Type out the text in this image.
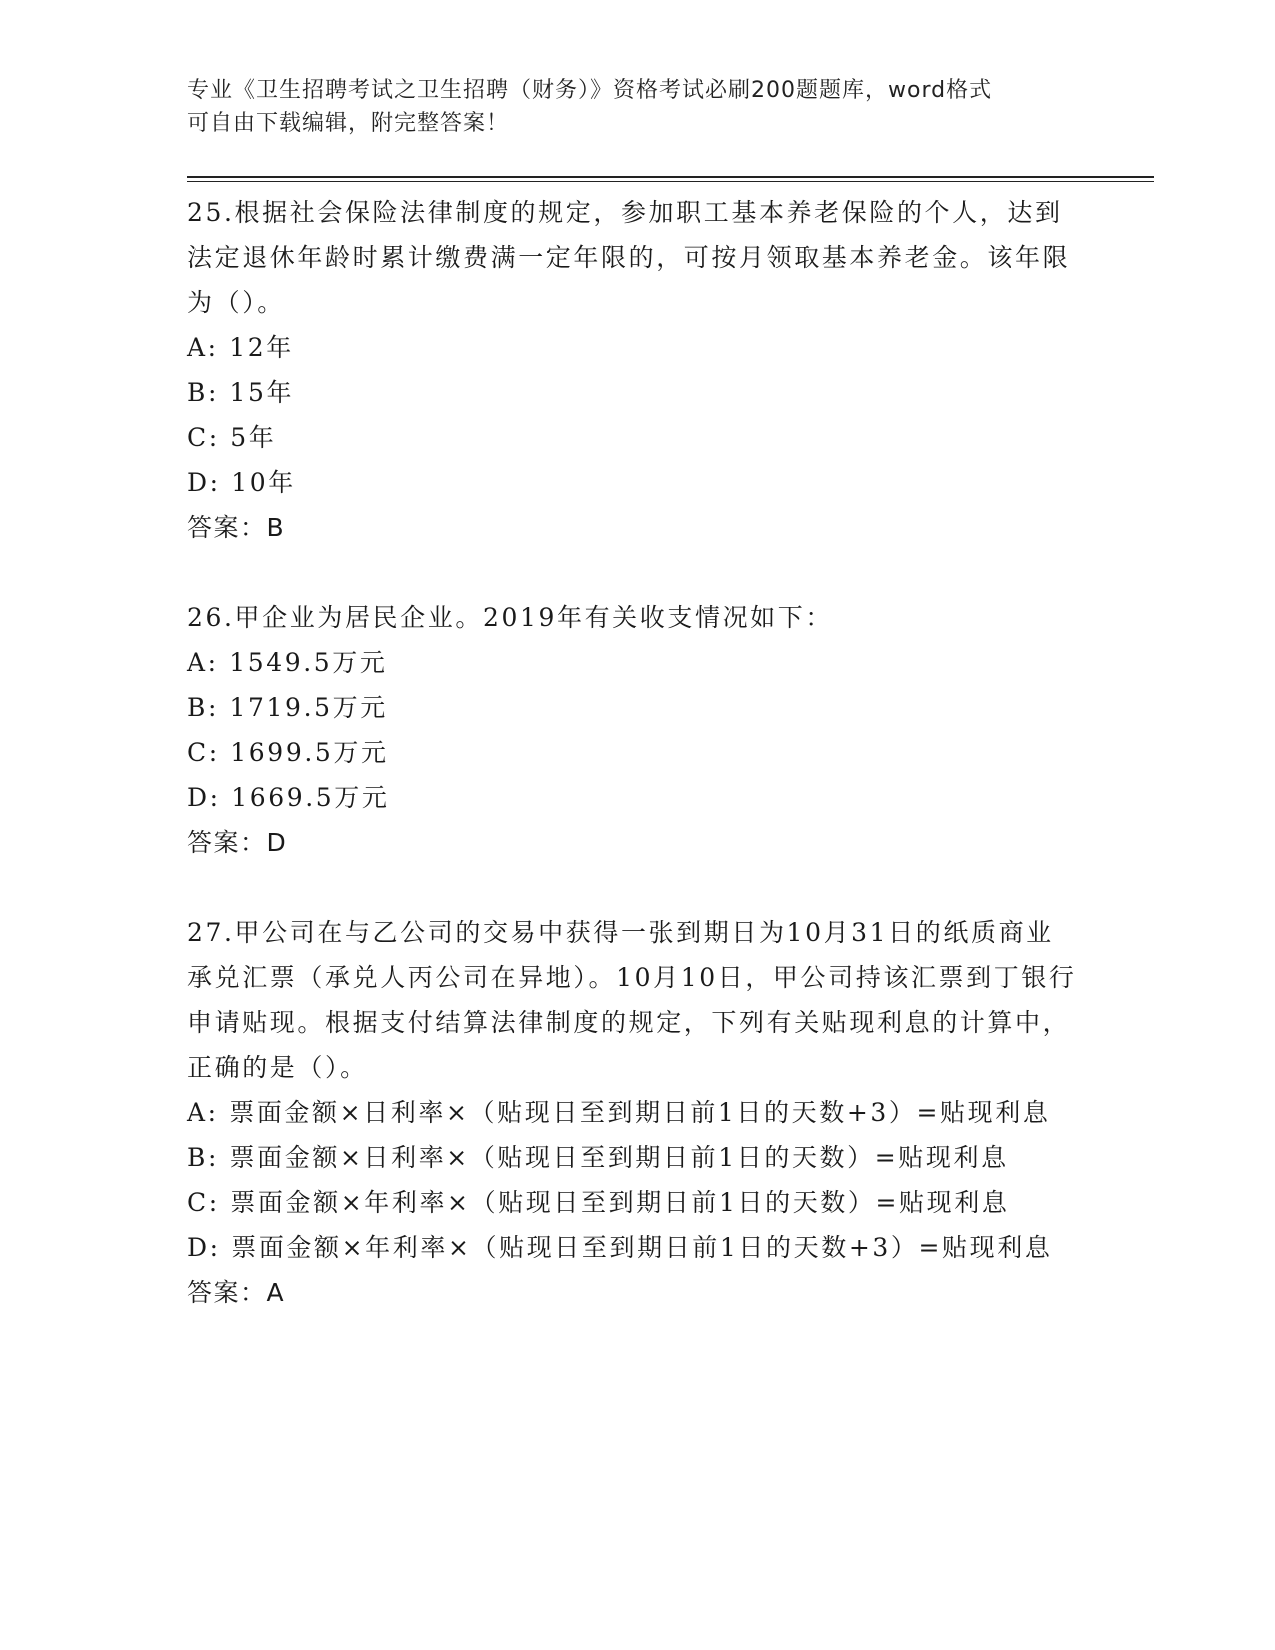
专业《卫生招聘考试之卫生招聘（财务）》资格考试必刷200题题库，word格式
可自由下载编辑，附完整答案！

25.根据社会保险法律制度的规定，参加职工基本养老保险的个人，达到法定退休年龄时累计缴费满一定年限的，可按月领取基本养老金。该年限为（）。

A: 12年

B: 15年

C: 5年

D: 10年

答案：B

26.甲企业为居民企业。2019年有关收支情况如下：

A: 1549.5万元

B: 1719.5万元

C: 1699.5万元

D: 1669.5万元

答案：D

27.甲公司在与乙公司的交易中获得一张到期日为10月31日的纸质商业承兑汇票（承兑人丙公司在异地）。10月10日，甲公司持该汇票到丁银行申请贴现。根据支付结算法律制度的规定，下列有关贴现利息的计算中，正确的是（）。

A: 票面金额×日利率×（贴现日至到期日前1日的天数+3）=贴现利息

B: 票面金额×日利率×（贴现日至到期日前1日的天数）=贴现利息

C: 票面金额×年利率×（贴现日至到期日前1日的天数）=贴现利息

D: 票面金额×年利率×（贴现日至到期日前1日的天数+3）=贴现利息

答案：A
